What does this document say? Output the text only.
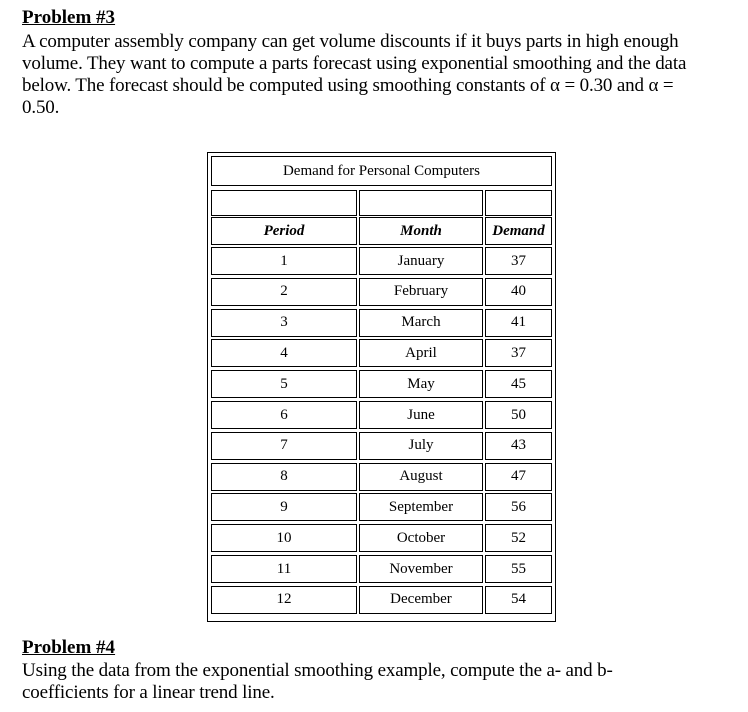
Problem #3
A computer assembly company can get volume discounts if it buys parts in high enough
volume. They want to compute a parts forecast using exponential smoothing and the data
below. The forecast should be computed using smoothing constants of α = 0.30 and α =
0.50.
Demand for Personal Computers
Period	Month	Demand
1	January	37
2	February	40
3	March	41
4	April	37
5	May	45
6	June	50
7	July	43
8	August	47
9	September	56
10	October	52
11	November	55
12	December	54
Problem #4
Using the data from the exponential smoothing example, compute the a- and b-
coefficients for a linear trend line.
